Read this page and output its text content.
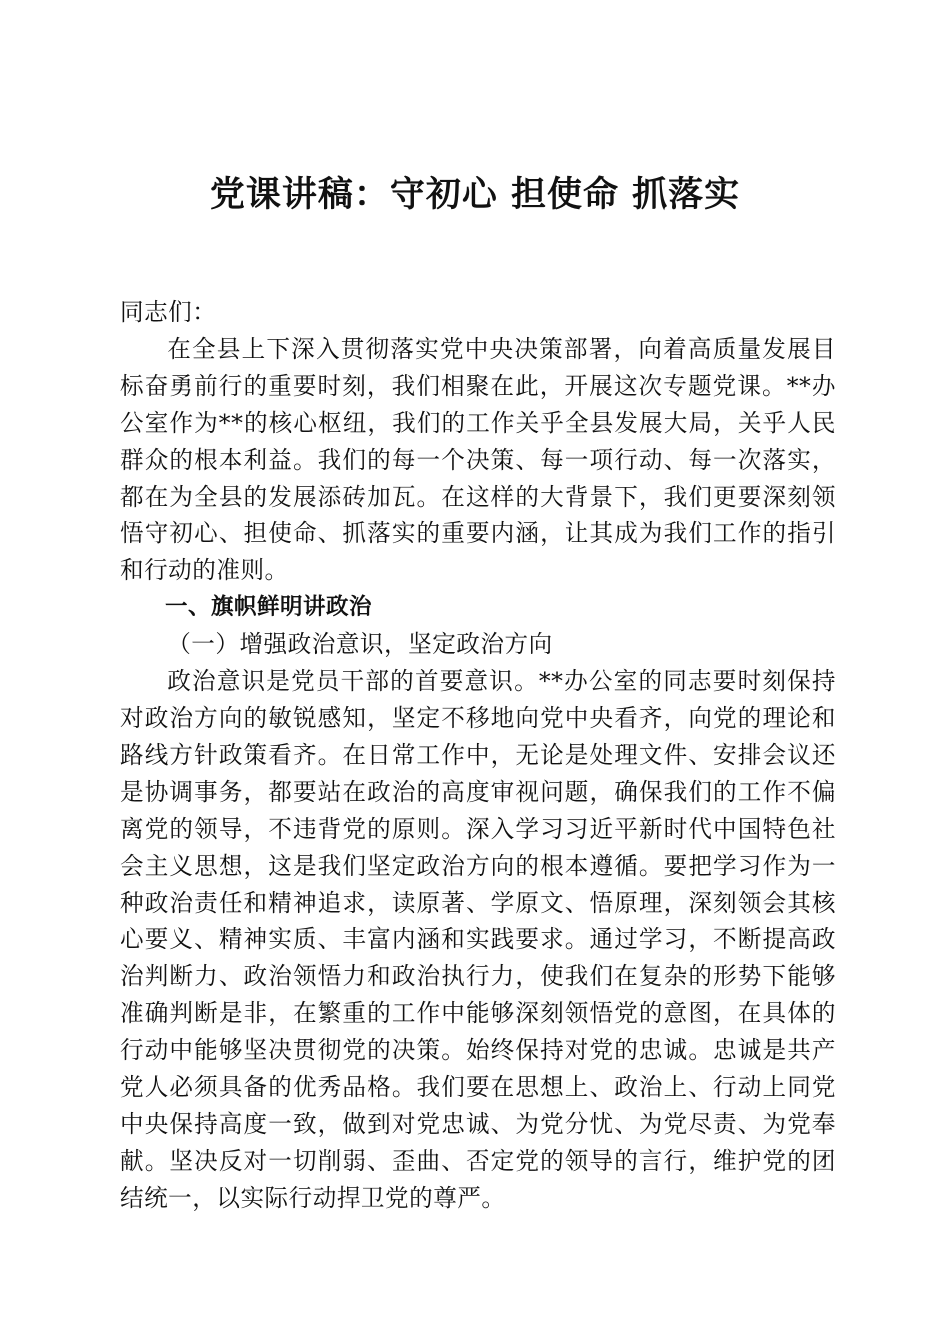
党课讲稿：守初心 担使命 抓落实

同志们：

在全县上下深入贯彻落实党中央决策部署，向着高质量发展目标奋勇前行的重要时刻，我们相聚在此，开展这次专题党课。**办公室作为**的核心枢纽，我们的工作关乎全县发展大局，关乎人民群众的根本利益。我们的每一个决策、每一项行动、每一次落实，都在为全县的发展添砖加瓦。在这样的大背景下，我们更要深刻领悟守初心、担使命、抓落实的重要内涵，让其成为我们工作的指引和行动的准则。

一、旗帜鲜明讲政治

（一）增强政治意识，坚定政治方向

政治意识是党员干部的首要意识。**办公室的同志要时刻保持对政治方向的敏锐感知，坚定不移地向党中央看齐，向党的理论和路线方针政策看齐。在日常工作中，无论是处理文件、安排会议还是协调事务，都要站在政治的高度审视问题，确保我们的工作不偏离党的领导，不违背党的原则。深入学习习近平新时代中国特色社会主义思想，这是我们坚定政治方向的根本遵循。要把学习作为一种政治责任和精神追求，读原著、学原文、悟原理，深刻领会其核心要义、精神实质、丰富内涵和实践要求。通过学习，不断提高政治判断力、政治领悟力和政治执行力，使我们在复杂的形势下能够准确判断是非，在繁重的工作中能够深刻领悟党的意图，在具体的行动中能够坚决贯彻党的决策。始终保持对党的忠诚。忠诚是共产党人必须具备的优秀品格。我们要在思想上、政治上、行动上同党中央保持高度一致，做到对党忠诚、为党分忧、为党尽责、为党奉献。坚决反对一切削弱、歪曲、否定党的领导的言行，维护党的团结统一，以实际行动捍卫党的尊严。
